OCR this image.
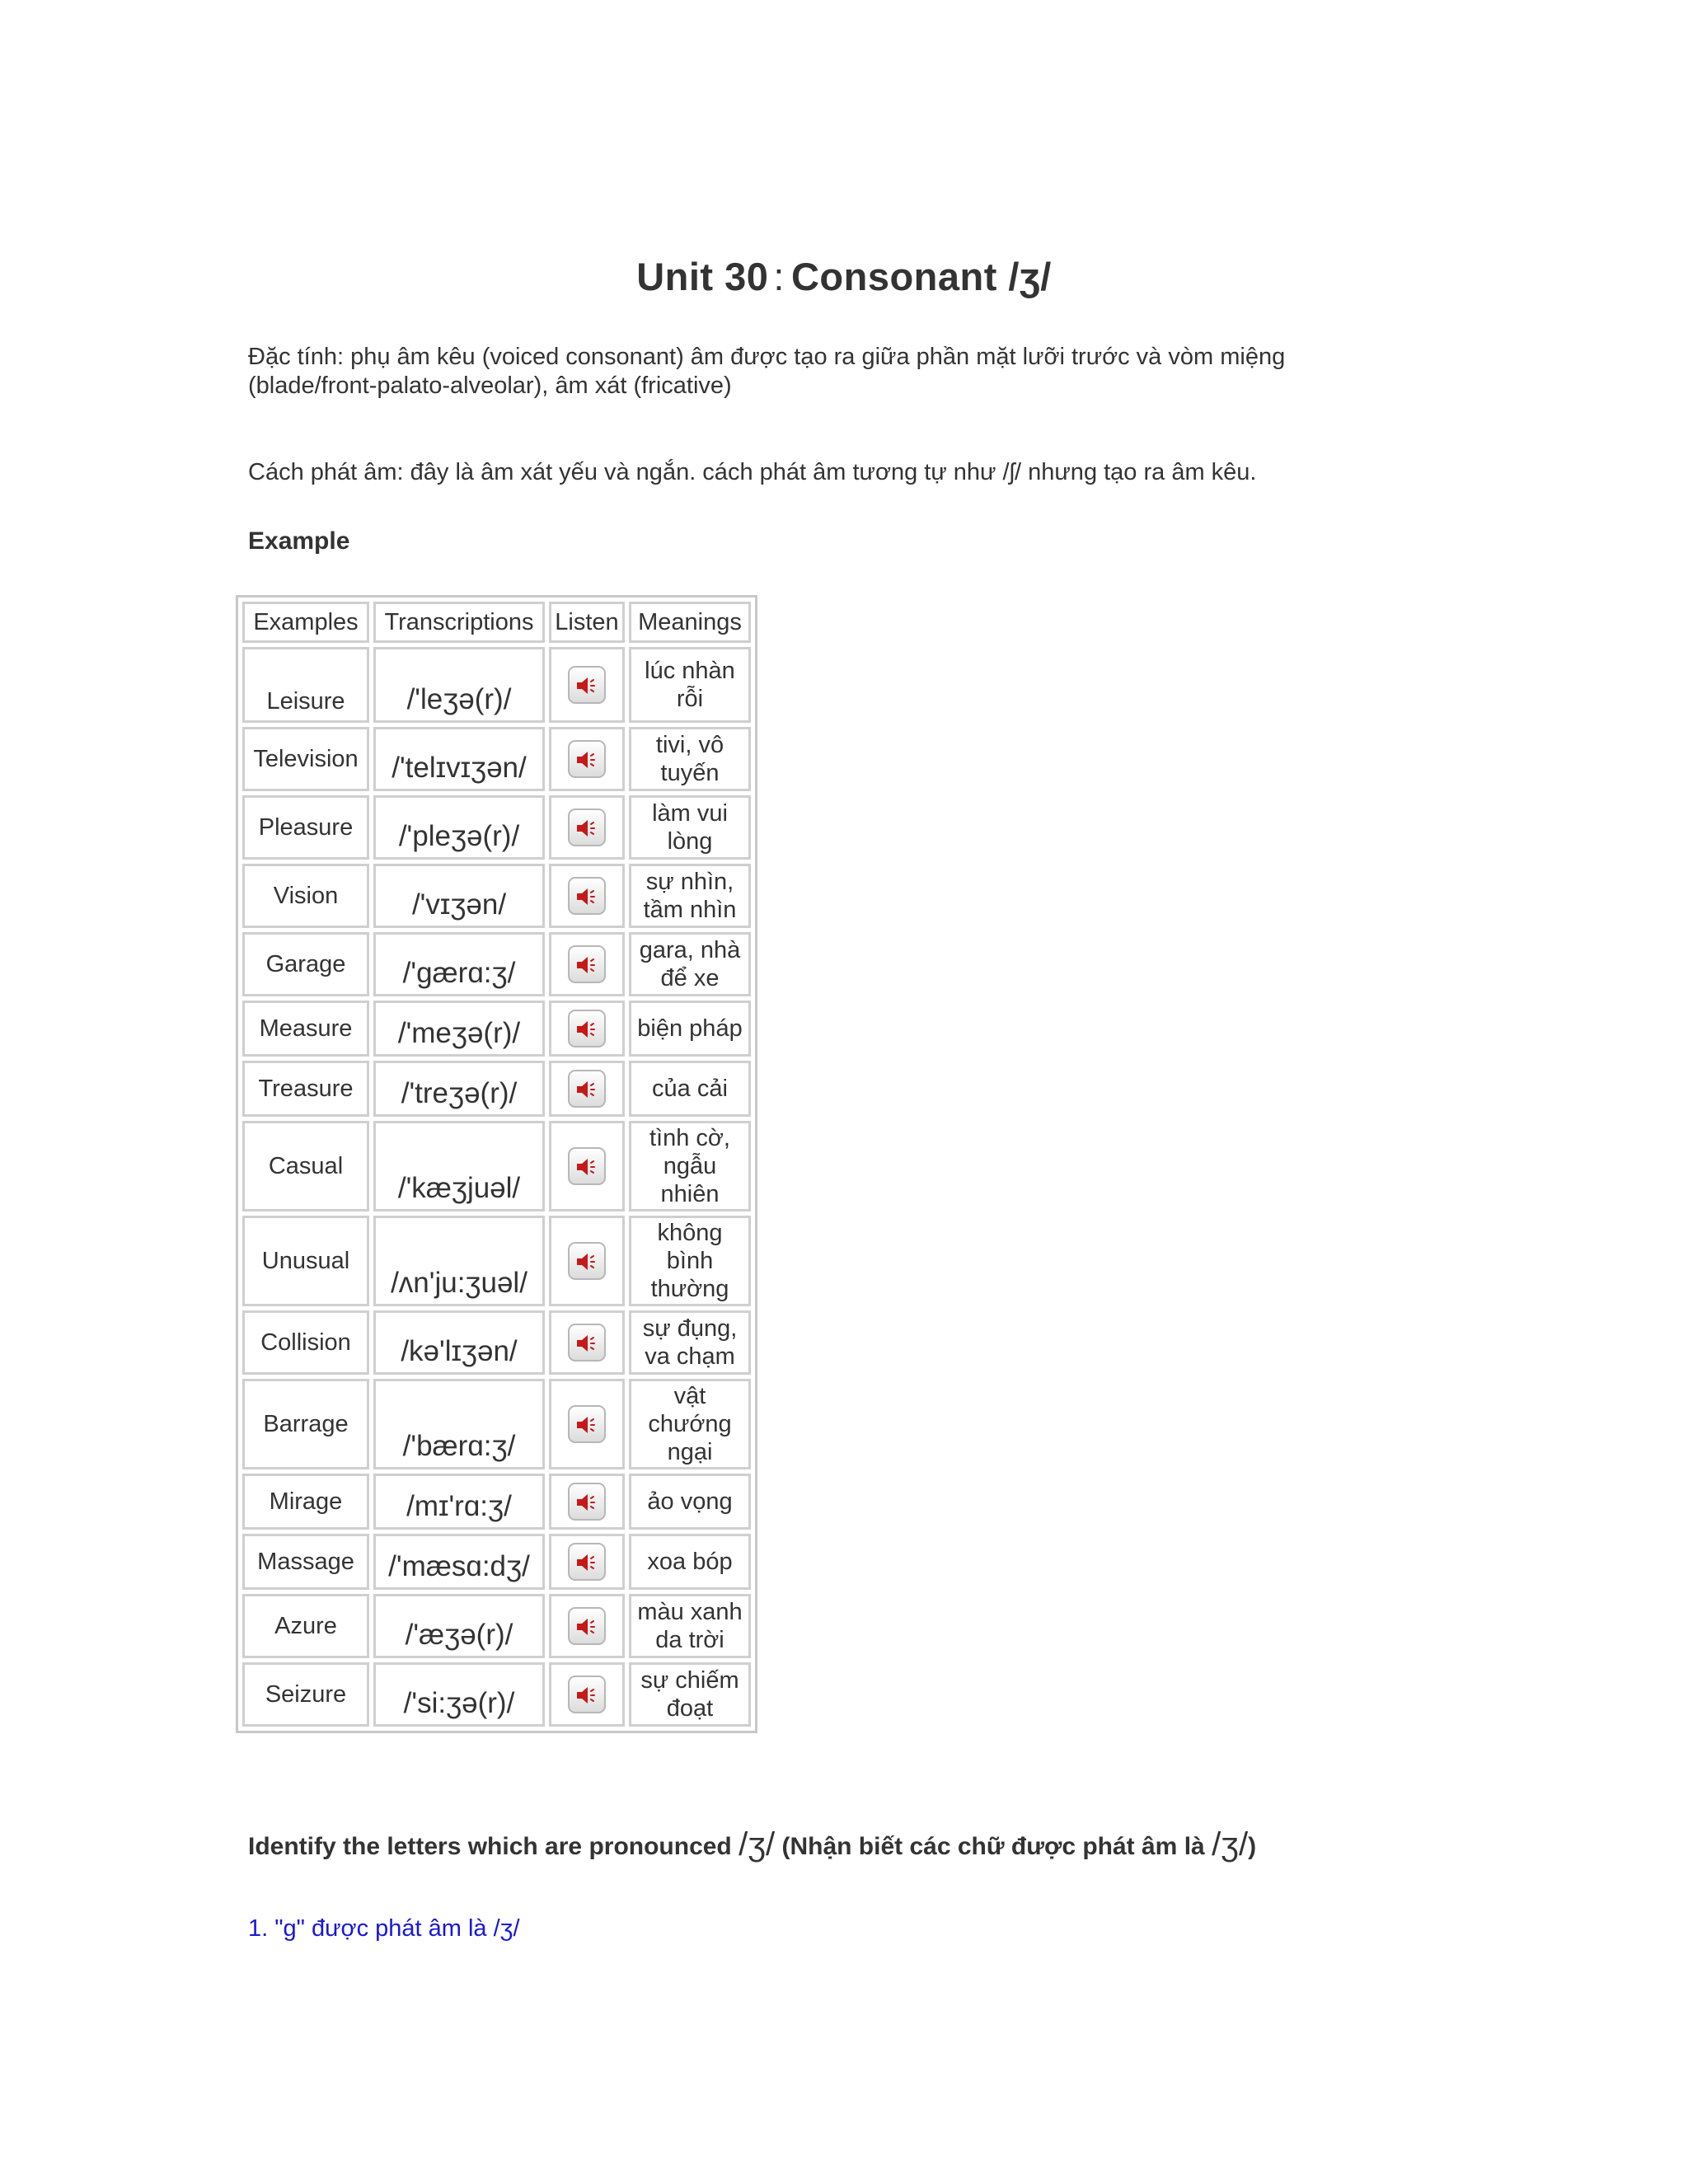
Unit 30 : Consonant /ʒ/
Đặc tính: phụ âm kêu (voiced consonant) âm được tạo ra giữa phần mặt lưỡi trước và vòm miệng (blade/front-palato-alveolar), âm xát (fricative)
Cách phát âm: đây là âm xát yếu và ngắn. cách phát âm tương tự như /ʃ/ nhưng tạo ra âm kêu.
Example
Examples	Transcriptions	Listen	Meanings
Leisure	/'leʒə(r)/		lúc nhàn rỗi
Television	/'telɪvɪʒən/		tivi, vô tuyến
Pleasure	/'pleʒə(r)/		làm vui lòng
Vision	/'vɪʒən/		sự nhìn, tầm nhìn
Garage	/'gærɑ:ʒ/		gara, nhà để xe
Measure	/'meʒə(r)/		biện pháp
Treasure	/'treʒə(r)/		của cải
Casual	/'kæʒjuəl/		tình cờ, ngẫu nhiên
Unusual	/ʌn'ju:ʒuəl/		không bình thường
Collision	/kə'lɪʒən/		sự đụng, va chạm
Barrage	/'bærɑ:ʒ/		vật chướng ngại
Mirage	/mɪ'rɑ:ʒ/		ảo vọng
Massage	/'mæsɑ:dʒ/		xoa bóp
Azure	/'æʒə(r)/		màu xanh da trời
Seizure	/'si:ʒə(r)/		sự chiếm đoạt
Identify the letters which are pronounced /ʒ/ (Nhận biết các chữ được phát âm là /ʒ/)
1. "g" được phát âm là /ʒ/
